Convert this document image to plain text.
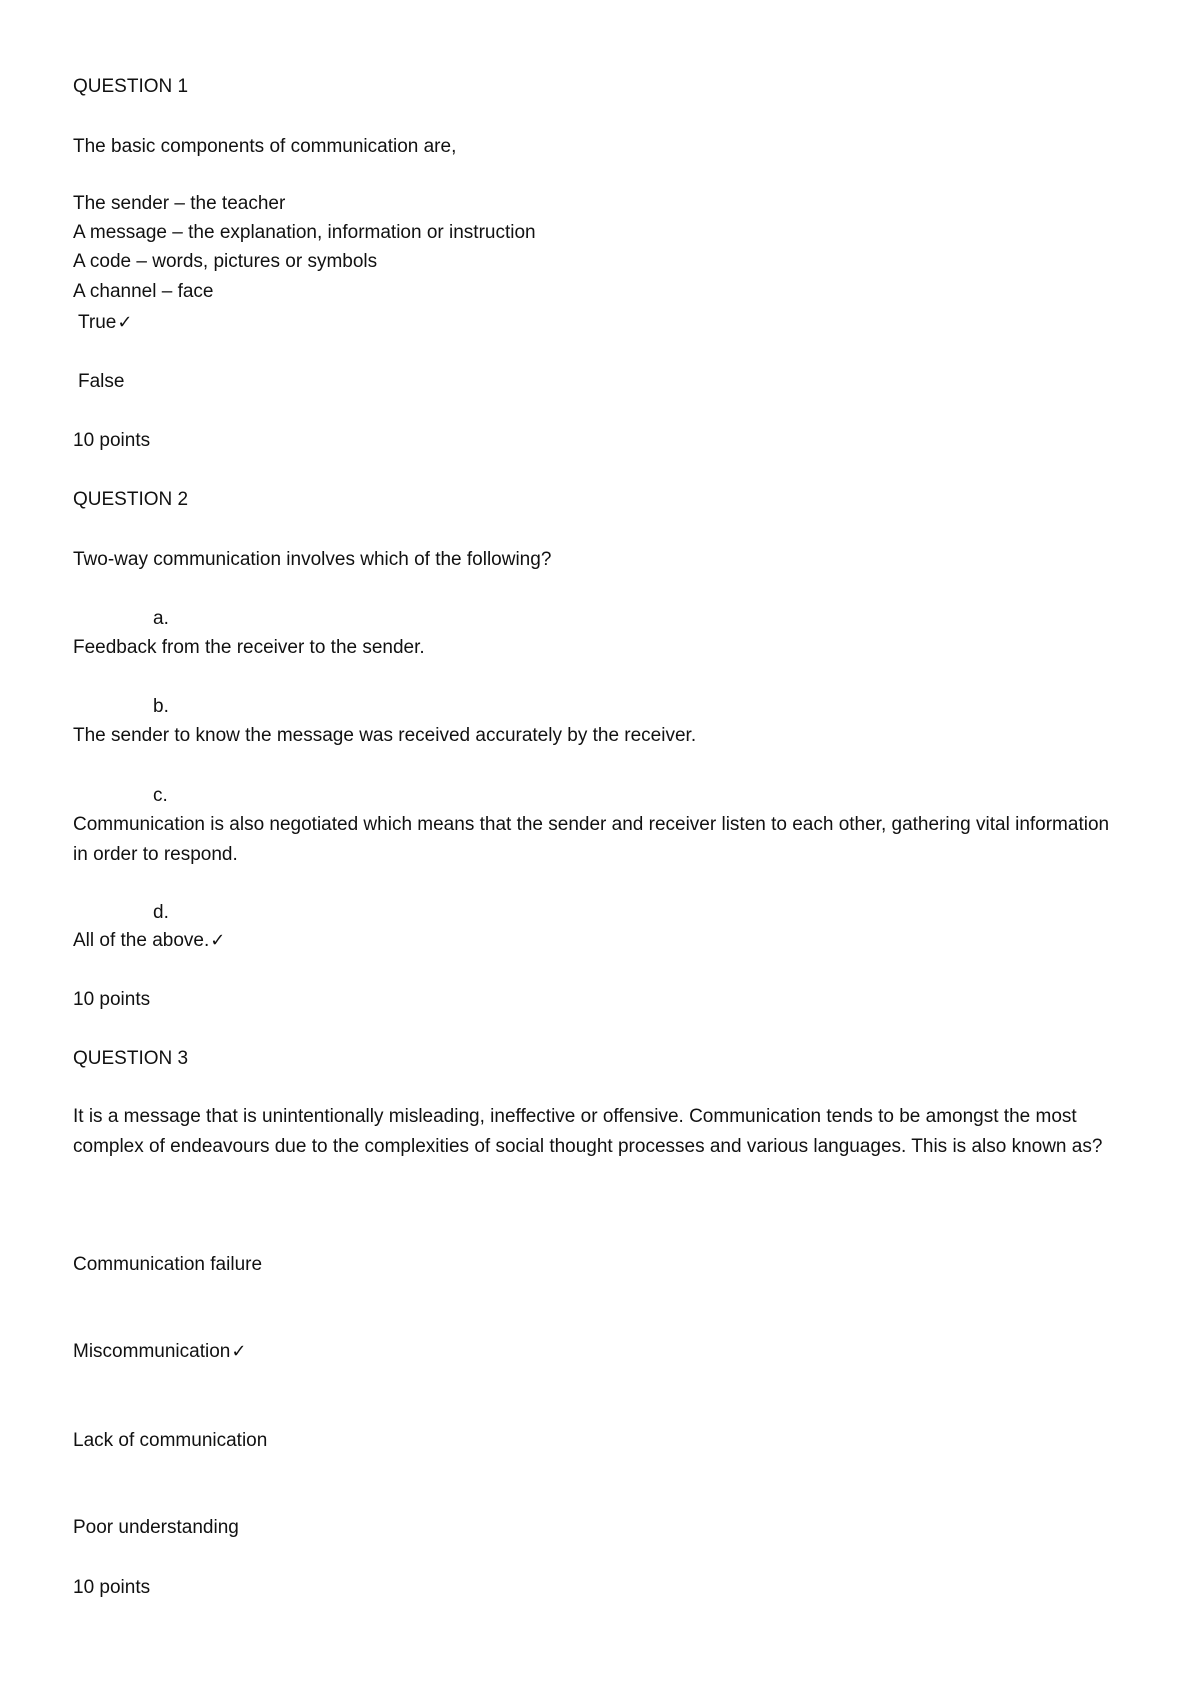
QUESTION 1
The basic components of communication are,
The sender – the teacher
A message – the explanation, information or instruction
A code – words, pictures or symbols
A channel – face
True✓
False
10 points
QUESTION 2
Two-way communication involves which of the following?
a.
Feedback from the receiver to the sender.
b.
The sender to know the message was received accurately by the receiver.
c.
Communication is also negotiated which means that the sender and receiver listen to each other, gathering vital information in order to respond.
d.
All of the above.✓
10 points
QUESTION 3
It is a message that is unintentionally misleading, ineffective or offensive. Communication tends to be amongst the most complex of endeavours due to the complexities of social thought processes and various languages. This is also known as?
Communication failure
Miscommunication✓
Lack of communication
Poor understanding
10 points
